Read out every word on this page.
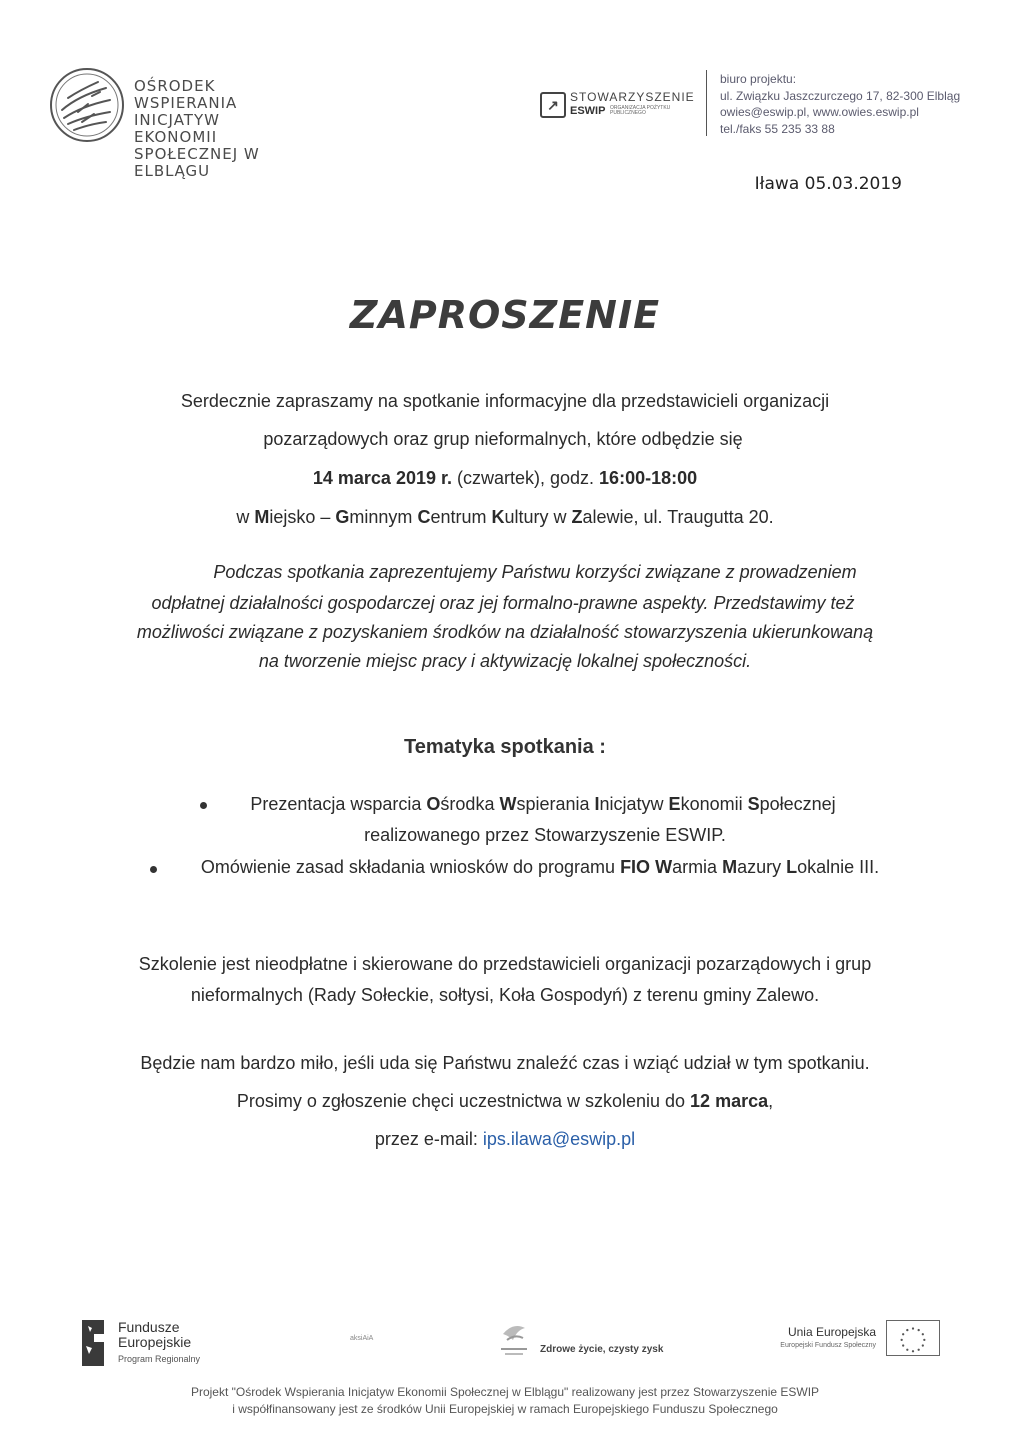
OŚRODEK WSPIERANIA
INICJATYW EKONOMII
SPOŁECZNEJ W ELBLĄGU
↗ STOWARZYSZENIE
ESWIP ORGANIZACJA POŻYTKU PUBLICZNEGO
biuro projektu:
ul. Związku Jaszczurczego 17, 82-300 Elbląg
owies@eswip.pl, www.owies.eswip.pl
tel./faks 55 235 33 88
Iława 05.03.2019
ZAPROSZENIE
Serdecznie zapraszamy na spotkanie informacyjne dla przedstawicieli organizacji
pozarządowych oraz grup nieformalnych, które odbędzie się
14 marca 2019 r. (czwartek), godz. 16:00-18:00
w Miejsko – Gminnym Centrum Kultury w Zalewie, ul. Traugutta 20.
Podczas spotkania zaprezentujemy Państwu korzyści związane z prowadzeniem
odpłatnej działalności gospodarczej oraz jej formalno-prawne aspekty. Przedstawimy też
możliwości związane z pozyskaniem środków na działalność stowarzyszenia ukierunkowaną
na tworzenie miejsc pracy i aktywizację lokalnej społeczności.
Tematyka spotkania :
Prezentacja wsparcia Ośrodka Wspierania Inicjatyw Ekonomii Społecznej
realizowanego przez Stowarzyszenie ESWIP.
Omówienie zasad składania wniosków do programu FIO Warmia Mazury Lokalnie III.
Szkolenie jest nieodpłatne i skierowane do przedstawicieli organizacji pozarządowych i grup
nieformalnych (Rady Sołeckie, sołtysi, Koła Gospodyń) z terenu gminy Zalewo.
Będzie nam bardzo miło, jeśli uda się Państwu znaleźć czas i wziąć udział w tym spotkaniu.
Prosimy o zgłoszenie chęci uczestnictwa w szkoleniu do 12 marca,
przez e-mail: ips.ilawa@eswip.pl
Fundusze
Europejskie
Program Regionalny
aksiAiA
Zdrowe życie, czysty zysk
Unia Europejska
Europejski Fundusz Społeczny
Projekt "Ośrodek Wspierania Inicjatyw Ekonomii Społecznej w Elblągu" realizowany jest przez Stowarzyszenie ESWIP
i współfinansowany jest ze środków Unii Europejskiej w ramach Europejskiego Funduszu Społecznego
